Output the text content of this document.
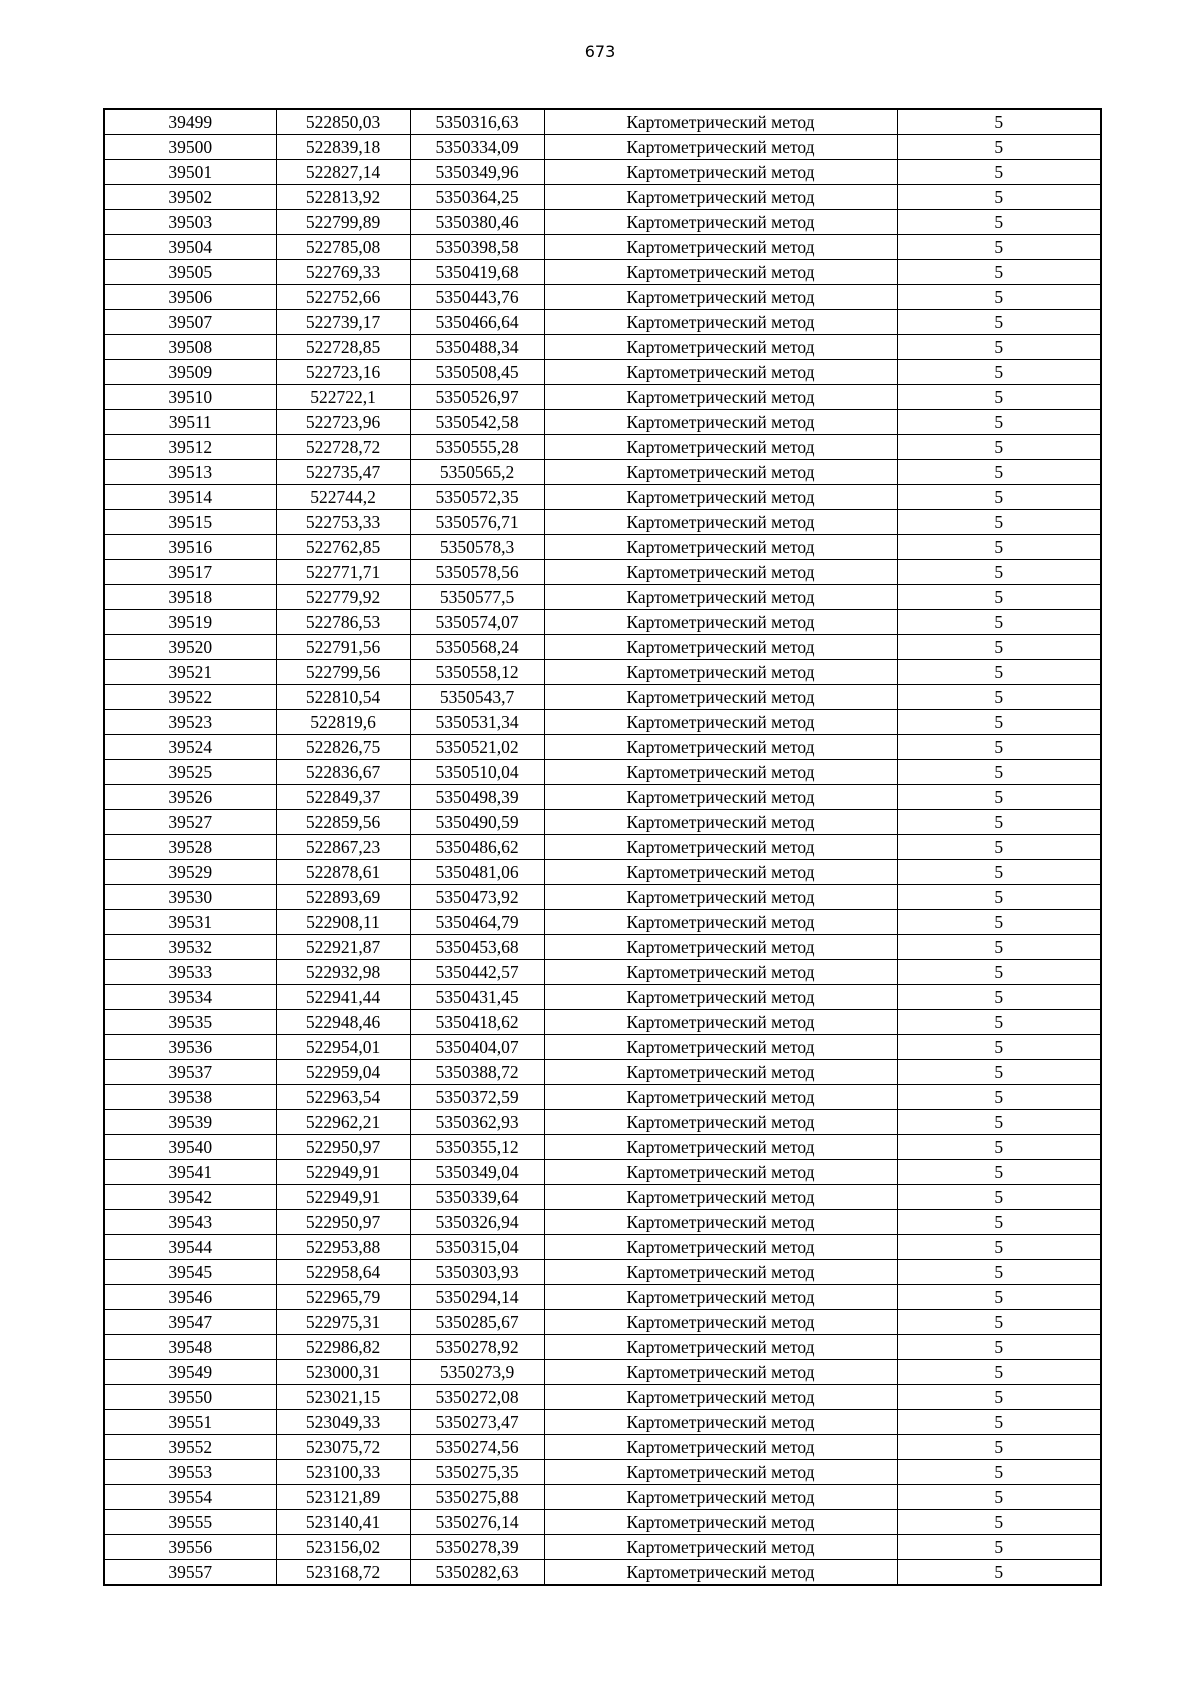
673
39499	522850,03	5350316,63	Картометрический метод	5
39500	522839,18	5350334,09	Картометрический метод	5
39501	522827,14	5350349,96	Картометрический метод	5
39502	522813,92	5350364,25	Картометрический метод	5
39503	522799,89	5350380,46	Картометрический метод	5
39504	522785,08	5350398,58	Картометрический метод	5
39505	522769,33	5350419,68	Картометрический метод	5
39506	522752,66	5350443,76	Картометрический метод	5
39507	522739,17	5350466,64	Картометрический метод	5
39508	522728,85	5350488,34	Картометрический метод	5
39509	522723,16	5350508,45	Картометрический метод	5
39510	522722,1	5350526,97	Картометрический метод	5
39511	522723,96	5350542,58	Картометрический метод	5
39512	522728,72	5350555,28	Картометрический метод	5
39513	522735,47	5350565,2	Картометрический метод	5
39514	522744,2	5350572,35	Картометрический метод	5
39515	522753,33	5350576,71	Картометрический метод	5
39516	522762,85	5350578,3	Картометрический метод	5
39517	522771,71	5350578,56	Картометрический метод	5
39518	522779,92	5350577,5	Картометрический метод	5
39519	522786,53	5350574,07	Картометрический метод	5
39520	522791,56	5350568,24	Картометрический метод	5
39521	522799,56	5350558,12	Картометрический метод	5
39522	522810,54	5350543,7	Картометрический метод	5
39523	522819,6	5350531,34	Картометрический метод	5
39524	522826,75	5350521,02	Картометрический метод	5
39525	522836,67	5350510,04	Картометрический метод	5
39526	522849,37	5350498,39	Картометрический метод	5
39527	522859,56	5350490,59	Картометрический метод	5
39528	522867,23	5350486,62	Картометрический метод	5
39529	522878,61	5350481,06	Картометрический метод	5
39530	522893,69	5350473,92	Картометрический метод	5
39531	522908,11	5350464,79	Картометрический метод	5
39532	522921,87	5350453,68	Картометрический метод	5
39533	522932,98	5350442,57	Картометрический метод	5
39534	522941,44	5350431,45	Картометрический метод	5
39535	522948,46	5350418,62	Картометрический метод	5
39536	522954,01	5350404,07	Картометрический метод	5
39537	522959,04	5350388,72	Картометрический метод	5
39538	522963,54	5350372,59	Картометрический метод	5
39539	522962,21	5350362,93	Картометрический метод	5
39540	522950,97	5350355,12	Картометрический метод	5
39541	522949,91	5350349,04	Картометрический метод	5
39542	522949,91	5350339,64	Картометрический метод	5
39543	522950,97	5350326,94	Картометрический метод	5
39544	522953,88	5350315,04	Картометрический метод	5
39545	522958,64	5350303,93	Картометрический метод	5
39546	522965,79	5350294,14	Картометрический метод	5
39547	522975,31	5350285,67	Картометрический метод	5
39548	522986,82	5350278,92	Картометрический метод	5
39549	523000,31	5350273,9	Картометрический метод	5
39550	523021,15	5350272,08	Картометрический метод	5
39551	523049,33	5350273,47	Картометрический метод	5
39552	523075,72	5350274,56	Картометрический метод	5
39553	523100,33	5350275,35	Картометрический метод	5
39554	523121,89	5350275,88	Картометрический метод	5
39555	523140,41	5350276,14	Картометрический метод	5
39556	523156,02	5350278,39	Картометрический метод	5
39557	523168,72	5350282,63	Картометрический метод	5
